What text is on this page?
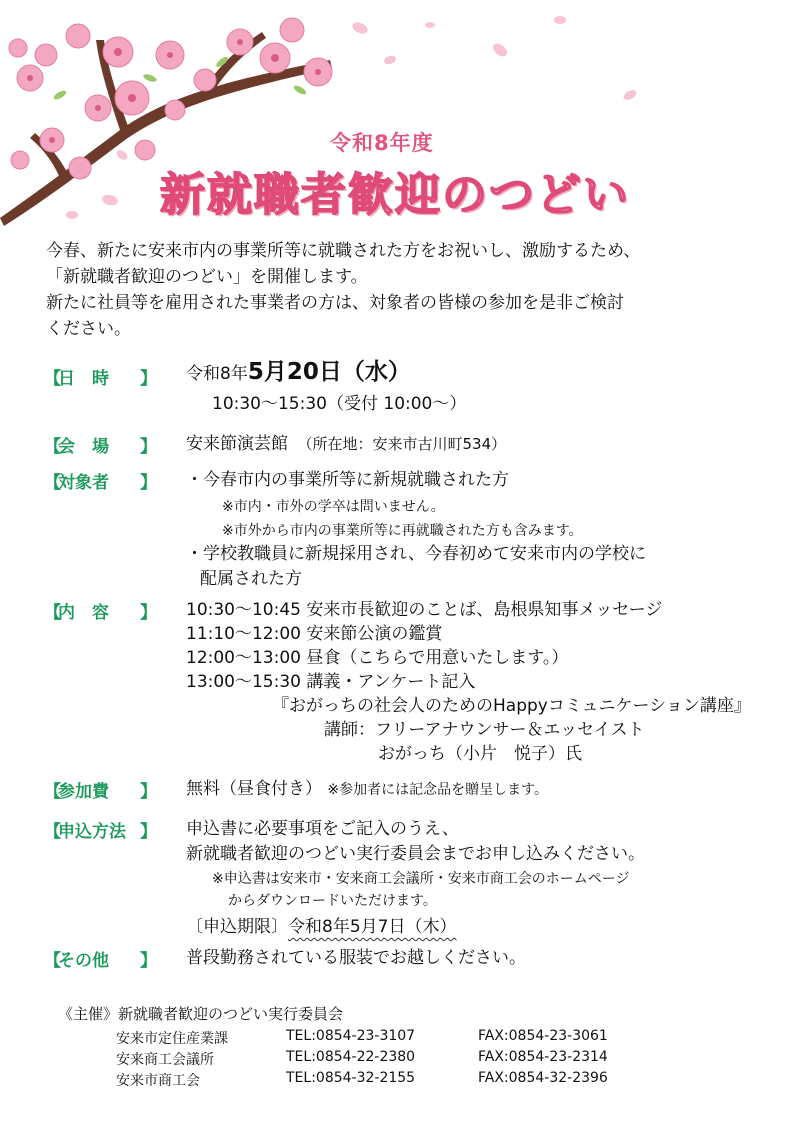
令和8年度
新就職者歓迎のつどい
今春、新たに安来市内の事業所等に就職された方をお祝いし、激励するため、
「新就職者歓迎のつどい」を開催します。
新たに社員等を雇用された事業者の方は、対象者の皆様の参加を是非ご検討
ください。
【
日　時	】 令和8年5月20日（水）
10:30～15:30（受付 10:00～）
【
会　場	】 安来節演芸館　 （所在地：安来市古川町534）
【
対象者	】 ・今春市内の事業所等に新規就職された方
※市内・市外の学卒は問いません。
※市外から市内の事業所等に再就職された方も含みます。
・学校教職員に新規採用され、今春初めて安来市内の学校に
配属された方
【
内　容	】 10:30～10:45 安来市長歓迎のことば、島根県知事メッセージ
11:10～12:00 安来節公演の鑑賞
12:00～13:00 昼食（こちらで用意いたします。）
13:00～15:30 講義・アンケート記入
『おがっちの社会人のためのHappyコミュニケーション講座』
講師：フリーアナウンサー＆エッセイスト
おがっち（小片　悦子）氏
【
参加費	】 無料（昼食付き） ※参加者には記念品を贈呈します。
【
申込方法 】 申込書に必要事項をご記入のうえ、
新就職者歓迎のつどい実行委員会までお申し込みください。
※申込書は安来市・安来商工会議所・安来市商工会のホームページ
からダウンロードいただけます。
〔申込期限〕令和8年5月7日（木）
【
その他	】 普段勤務されている服装でお越しください。
《主催》新就職者歓迎のつどい実行委員会
安来市定住産業課	TEL:0854-23-3107	FAX:0854-23-3061
安来商工会議所	TEL:0854-22-2380	FAX:0854-23-2314
安来市商工会	TEL:0854-32-2155	FAX:0854-32-2396
